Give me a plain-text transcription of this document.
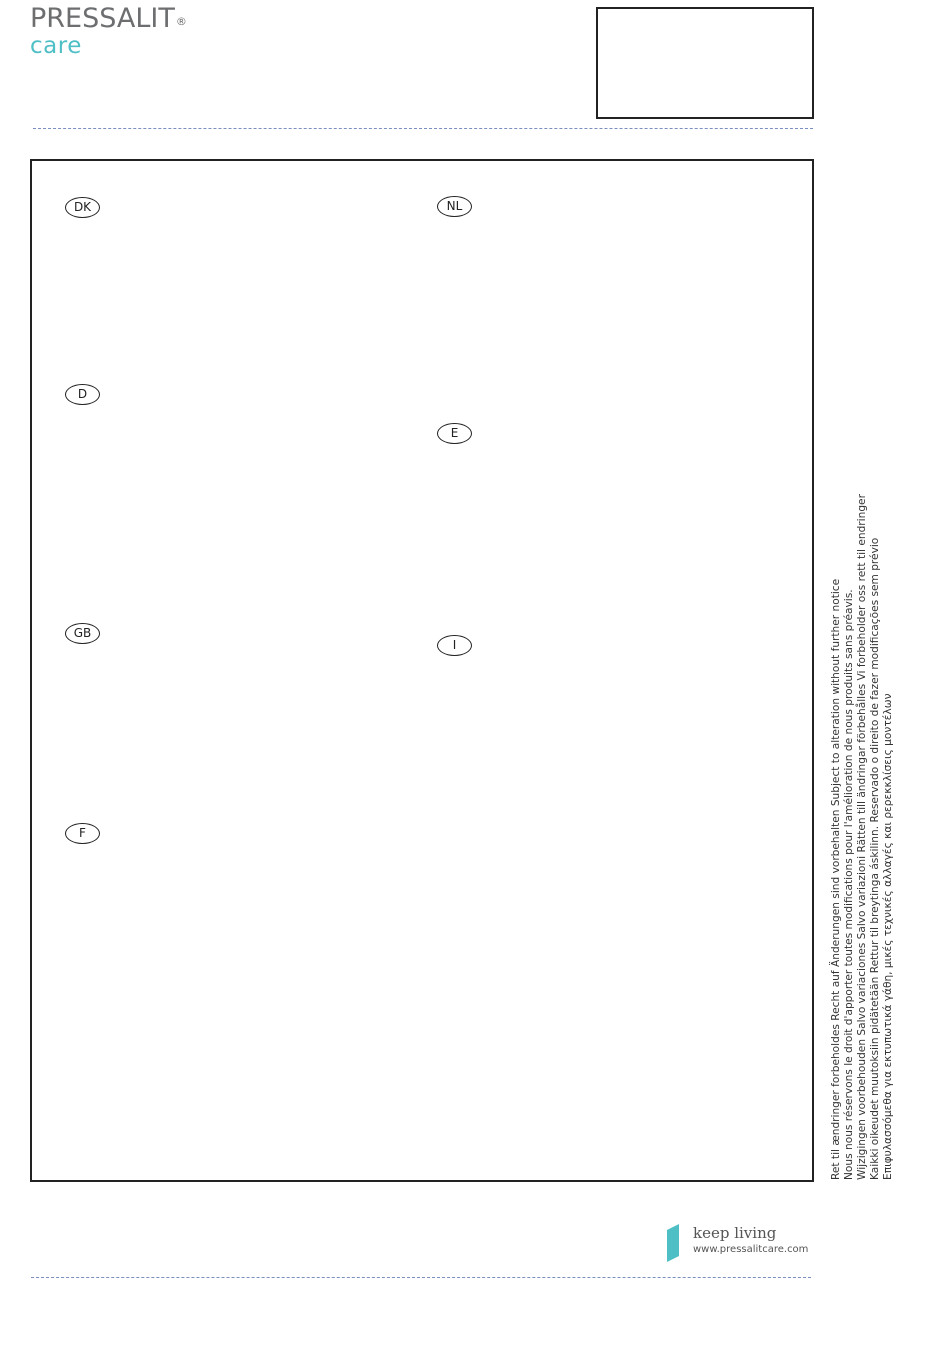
PRESSALIT®
care
DK	NL
D
E
GB
I
F	Ret til ændringer forbeholdes Recht auf Änderungen sind vorbehalten Subject to alteration without further notice Nous nous réservons le droit d'apporter toutes modifications pour l'amélioration de nous produits sans préavis. Wijzigingen voorbehouden Salvo variaciones Salvo variazioni Rätten till ändringar förbehålles Vi forbeholder oss rett til endringer Kaikki oikeudet muutoksiin pidätetään Rettur til breytinga áskilinn. Reservado o direito de fazer modificações sem prévio Επιφυλασσόμεθα για εκτυπωτικά γάθη, μικές τεχνικές αλλαγές και ρερεκκλίσεις μοντέλων
keep living
www.pressalitcare.com
